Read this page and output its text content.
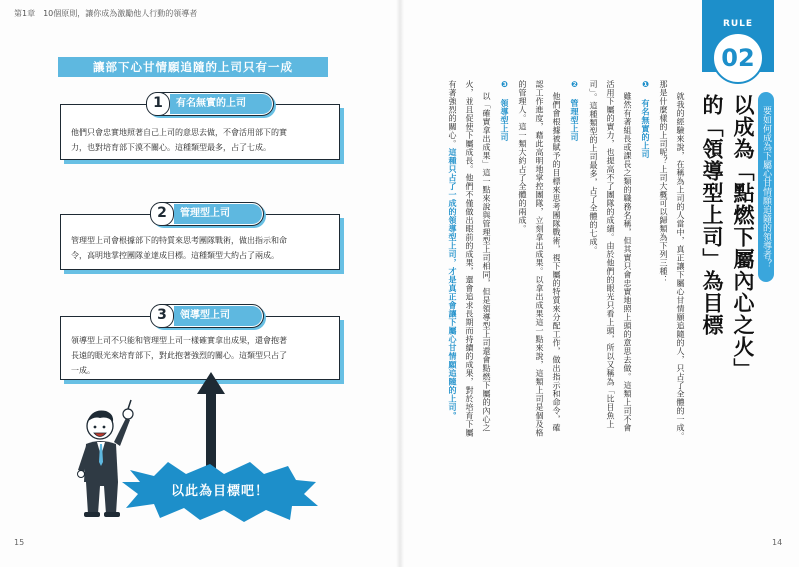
第1章　10個原則，讓你成為激勵他人行動的領導者
讓部下心甘情願追隨的上司只有一成
他們只會忠實地照著自己上司的意思去做，不會活用部下的實
力，也對培育部下漠不關心。這種類型最多，占了七成。
1	有名無實的上司
管理型上司會根據部下的特質來思考團隊戰術，做出指示和命
令，高明地掌控團隊並達成目標。這種類型大約占了兩成。
2	管理型上司
領導型上司不只能和管理型上司一樣確實拿出成果，還會抱著
長遠的眼光來培育部下，對此抱著強烈的關心。這類型只占了
一成。
3	領導型上司
以此為目標吧！
15
RULE
02
要如何成為下屬心甘情願追隨的領導者？
以成為「點燃下屬內心之火」
的「領導型上司」為目標
就我的經驗來說，在稱為上司的人當中，真正讓下屬心甘情願追隨的人，只占了全體的一成。
那是什麼樣的上司呢？上司大概可以歸類為下列三種：
❶ 有名無實的上司
雖然有著組長或課長之類的職務名稱，但其實只會忠實地照上頭的意思去做。這類上司不會
活用下屬的實力，也提高不了團隊的成績。由於他們的眼光只看上頭，所以又稱為「比目魚上
司」。這種類型的上司最多，占了全體的七成。
❷ 管理型上司
他們會根據被賦予的目標來思考團隊戰術，視下屬的特質來分配工作，做出指示和命令，確
認工作進度，藉此高明地掌控團隊，立刻拿出成果。以拿出成果這一點來說，這類上司是個及格
的管理人。這一類大約占了全體的兩成。
❸ 領導型上司
以「確實拿出成果」這一點來說與管理型上司相同，但是領導型上司還會點燃下屬的內心之
火，並且促使下屬成長。他們不僅做出眼前的成果，還會追求長期而持續的成果，對於培育下屬
有著強烈的關心。這種只占了一成的領導型上司，才是真正會讓下屬心甘情願追隨的上司。
14
